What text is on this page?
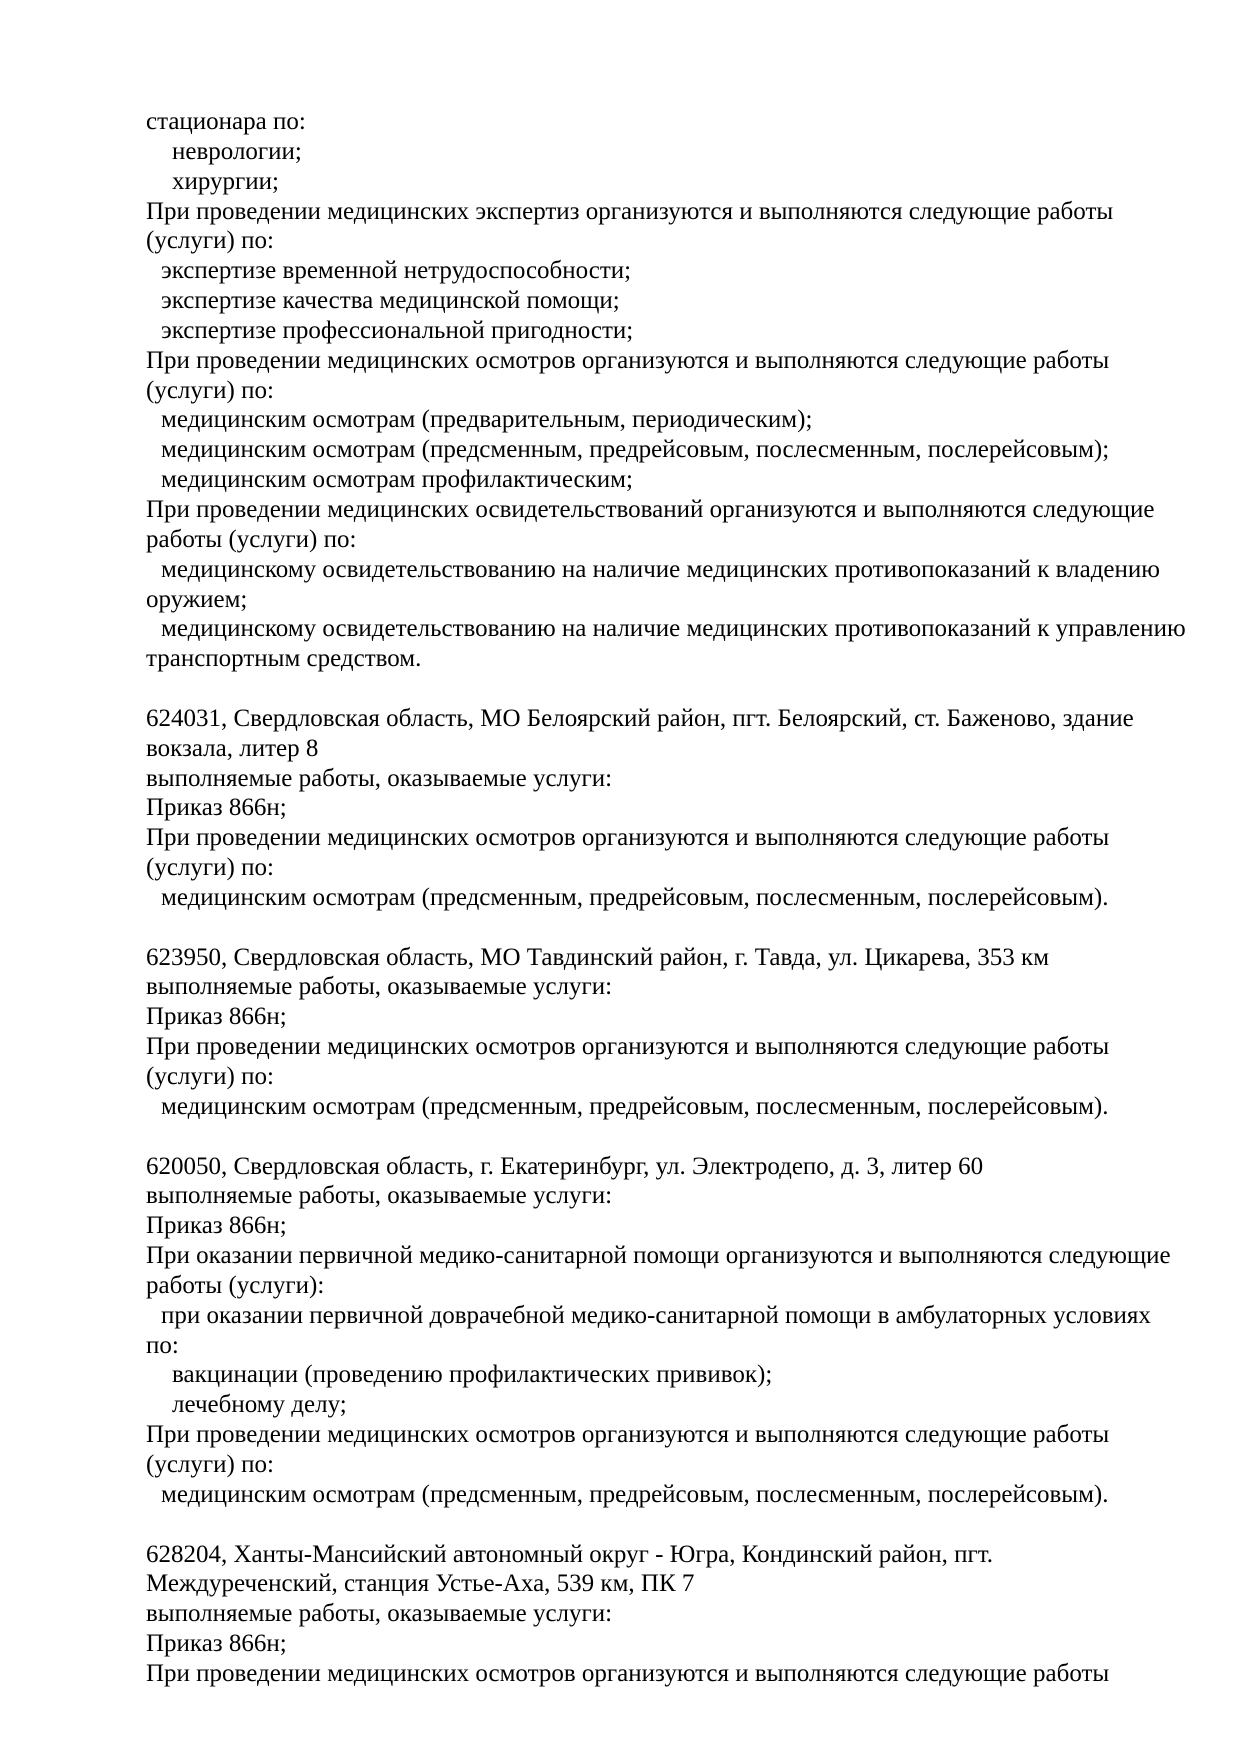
стационара по:
неврологии;
хирургии;
При проведении медицинских экспертиз организуются и выполняются следующие работы
(услуги) по:
экспертизе временной нетрудоспособности;
экспертизе качества медицинской помощи;
экспертизе профессиональной пригодности;
При проведении медицинских осмотров организуются и выполняются следующие работы
(услуги) по:
медицинским осмотрам (предварительным, периодическим);
медицинским осмотрам (предсменным, предрейсовым, послесменным, послерейсовым);
медицинским осмотрам профилактическим;
При проведении медицинских освидетельствований организуются и выполняются следующие
работы (услуги) по:
медицинскому освидетельствованию на наличие медицинских противопоказаний к владению
оружием;
медицинскому освидетельствованию на наличие медицинских противопоказаний к управлению
транспортным средством.
624031, Свердловская область, МО Белоярский район, пгт. Белоярский, ст. Баженово, здание
вокзала, литер 8
выполняемые работы, оказываемые услуги:
Приказ 866н;
При проведении медицинских осмотров организуются и выполняются следующие работы
(услуги) по:
медицинским осмотрам (предсменным, предрейсовым, послесменным, послерейсовым).
623950, Свердловская область, МО Тавдинский район, г. Тавда, ул. Цикарева, 353 км
выполняемые работы, оказываемые услуги:
Приказ 866н;
При проведении медицинских осмотров организуются и выполняются следующие работы
(услуги) по:
медицинским осмотрам (предсменным, предрейсовым, послесменным, послерейсовым).
620050, Свердловская область, г. Екатеринбург, ул. Электродепо, д. 3, литер 60
выполняемые работы, оказываемые услуги:
Приказ 866н;
При оказании первичной медико-санитарной помощи организуются и выполняются следующие
работы (услуги):
при оказании первичной доврачебной медико-санитарной помощи в амбулаторных условиях
по:
вакцинации (проведению профилактических прививок);
лечебному делу;
При проведении медицинских осмотров организуются и выполняются следующие работы
(услуги) по:
медицинским осмотрам (предсменным, предрейсовым, послесменным, послерейсовым).
628204, Ханты-Мансийский автономный округ - Югра, Кондинский район, пгт.
Междуреченский, станция Устье-Аха, 539 км, ПК 7
выполняемые работы, оказываемые услуги:
Приказ 866н;
При проведении медицинских осмотров организуются и выполняются следующие работы
